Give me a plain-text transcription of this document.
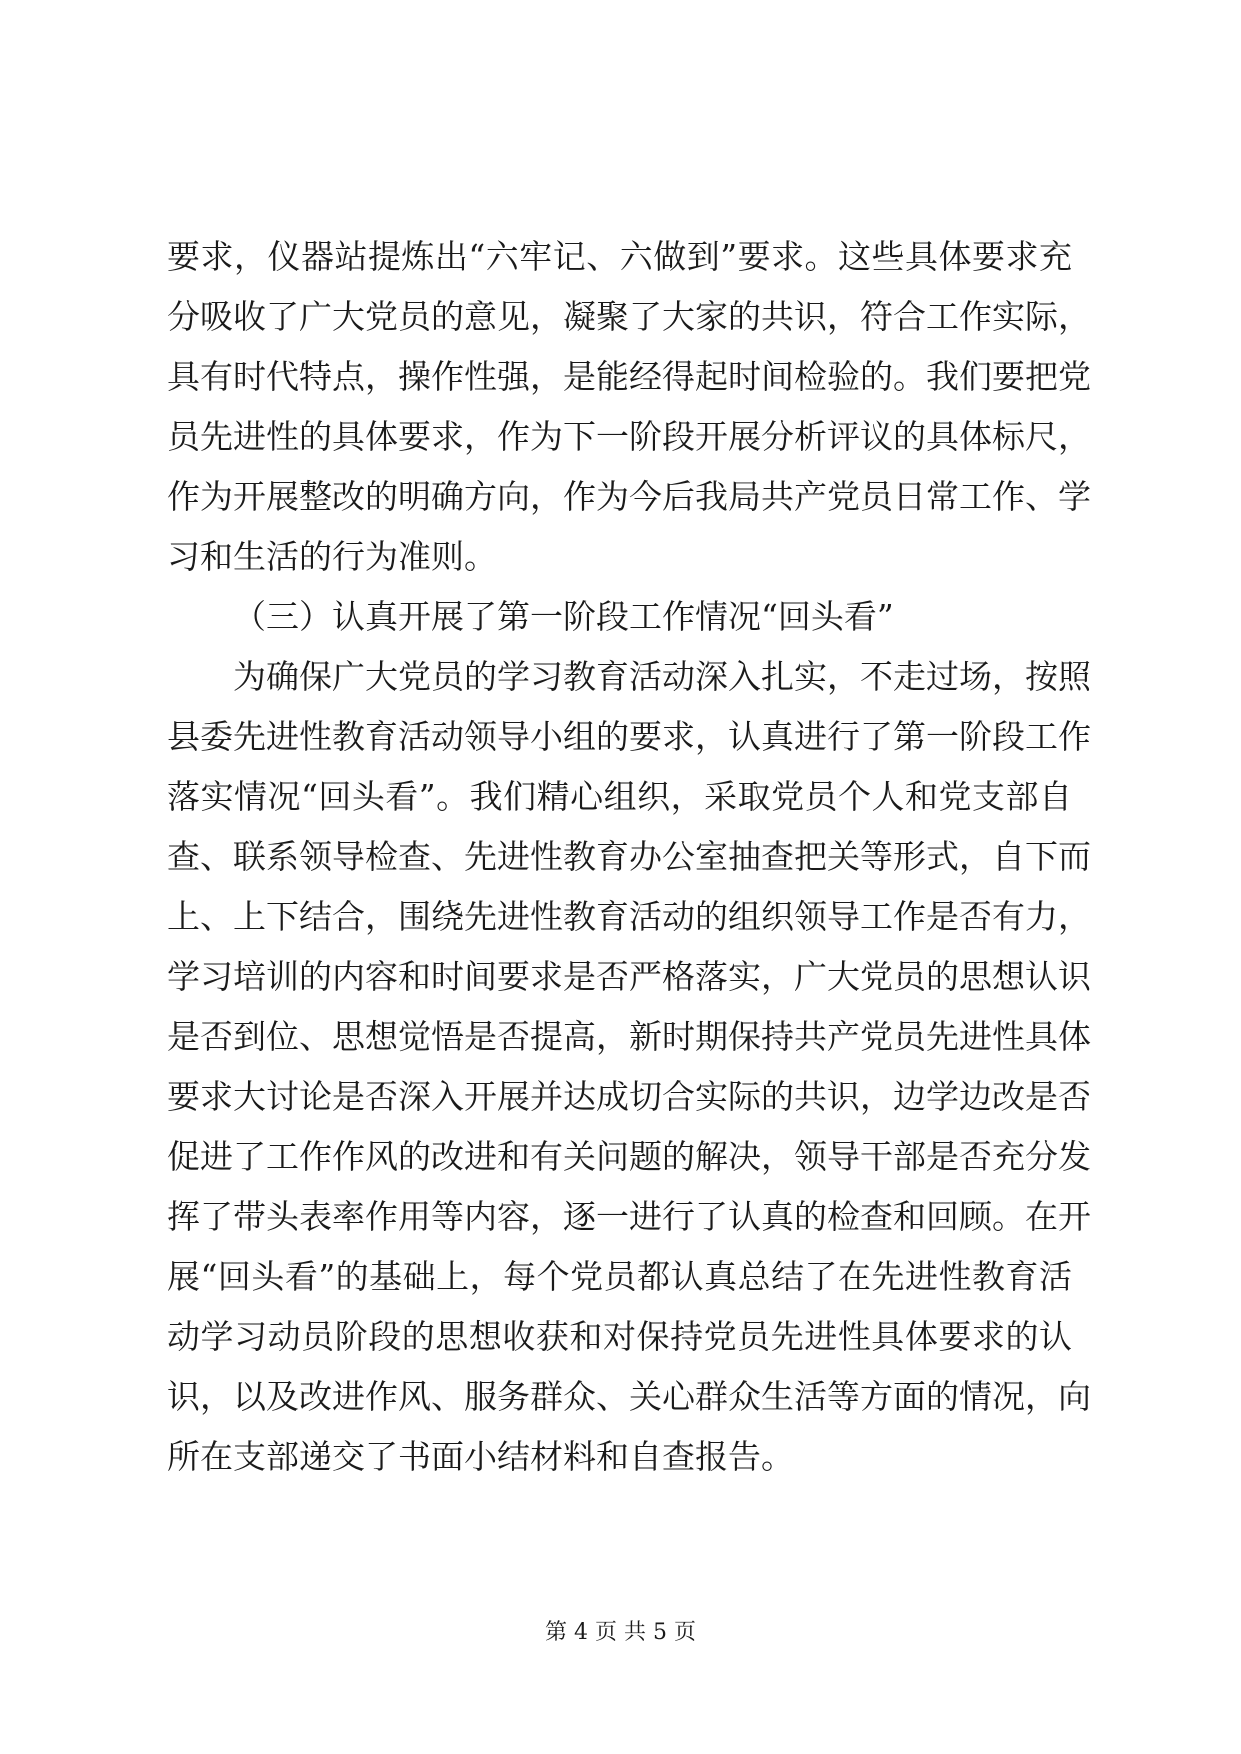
要求，仪器站提炼出“六牢记、六做到”要求。这些具体要求充
分吸收了广大党员的意见，凝聚了大家的共识，符合工作实际，
具有时代特点，操作性强，是能经得起时间检验的。我们要把党
员先进性的具体要求，作为下一阶段开展分析评议的具体标尺，
作为开展整改的明确方向，作为今后我局共产党员日常工作、学
习和生活的行为准则。
（三）认真开展了第一阶段工作情况“回头看”
为确保广大党员的学习教育活动深入扎实，不走过场，按照
县委先进性教育活动领导小组的要求，认真进行了第一阶段工作
落实情况“回头看”。我们精心组织，采取党员个人和党支部自
查、联系领导检查、先进性教育办公室抽查把关等形式，自下而
上、上下结合，围绕先进性教育活动的组织领导工作是否有力，
学习培训的内容和时间要求是否严格落实，广大党员的思想认识
是否到位、思想觉悟是否提高，新时期保持共产党员先进性具体
要求大讨论是否深入开展并达成切合实际的共识，边学边改是否
促进了工作作风的改进和有关问题的解决，领导干部是否充分发
挥了带头表率作用等内容，逐一进行了认真的检查和回顾。在开
展“回头看”的基础上，每个党员都认真总结了在先进性教育活
动学习动员阶段的思想收获和对保持党员先进性具体要求的认
识，以及改进作风、服务群众、关心群众生活等方面的情况，向
所在支部递交了书面小结材料和自查报告。
第 4 页 共 5 页
